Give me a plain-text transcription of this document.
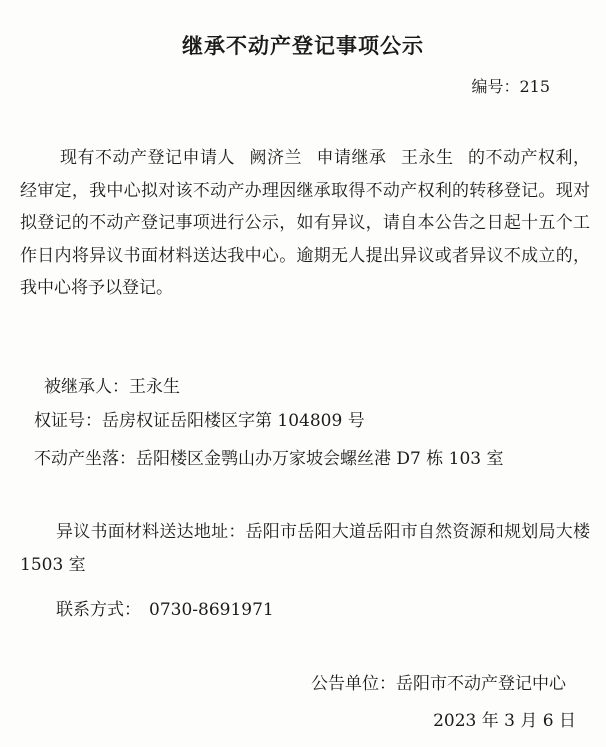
继承不动产登记事项公示
编号：215
现有不动产登记申请人 阙济兰 申请继承 王永生 的不动产权利，经审定，我中心拟对该不动产办理因继承取得不动产权利的转移登记。现对拟登记的不动产登记事项进行公示，如有异议，请自本公告之日起十五个工作日内将异议书面材料送达我中心。逾期无人提出异议或者异议不成立的，我中心将予以登记。
被继承人：王永生
权证号：岳房权证岳阳楼区字第 104809 号
不动产坐落：岳阳楼区金鹗山办万家坡会螺丝港 D7 栋 103 室
异议书面材料送达地址：岳阳市岳阳大道岳阳市自然资源和规划局大楼 1503 室
联系方式： 0730-8691971
公告单位：岳阳市不动产登记中心
2023 年 3 月 6 日
